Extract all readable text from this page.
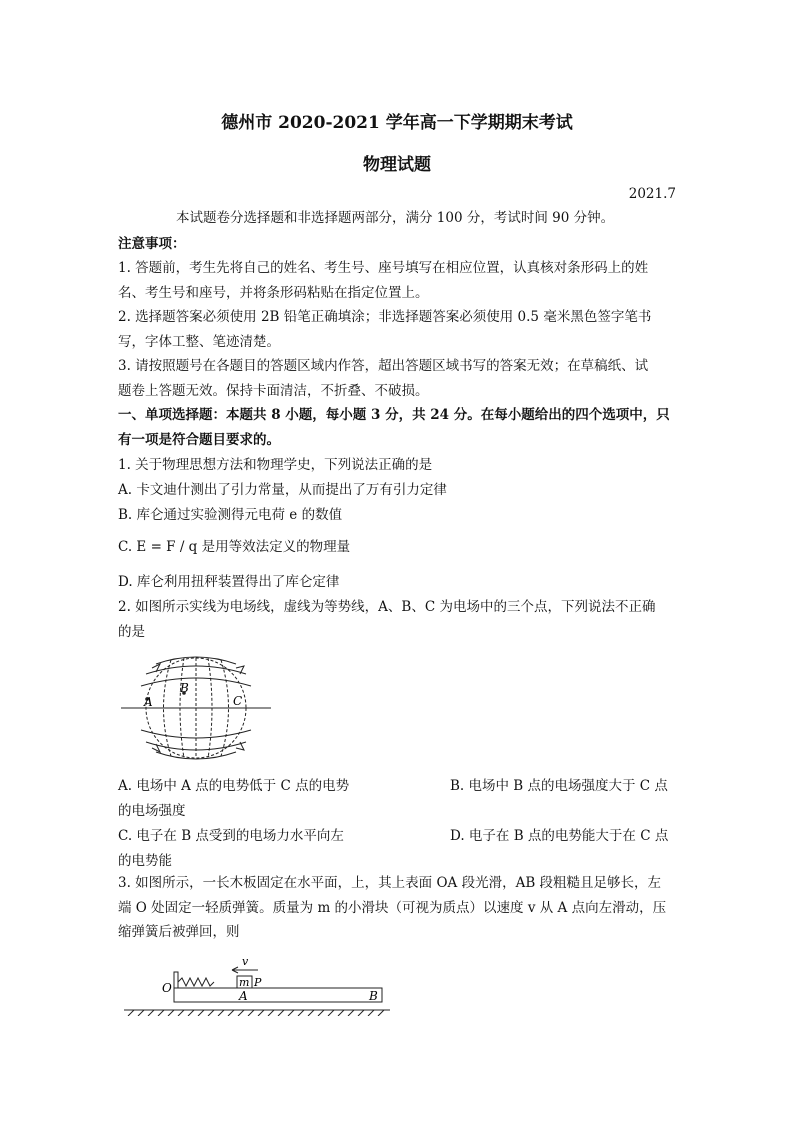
德州市 2020-2021 学年高一下学期期末考试
物理试题
2021.7
本试题卷分选择题和非选择题两部分，满分 100 分，考试时间 90 分钟。
注意事项：
1. 答题前，考生先将自己的姓名、考生号、座号填写在相应位置，认真核对条形码上的姓
名、考生号和座号，并将条形码粘贴在指定位置上。
2. 选择题答案必须使用 2B 铅笔正确填涂；非选择题答案必须使用 0.5 毫米黑色签字笔书
写，字体工整、笔迹清楚。
3. 请按照题号在各题目的答题区域内作答，超出答题区域书写的答案无效；在草稿纸、试
题卷上答题无效。保持卡面清洁，不折叠、不破损。
一、单项选择题：本题共 8 小题，每小题 3 分，共 24 分。在每小题给出的四个选项中，只
有一项是符合题目要求的。
1. 关于物理思想方法和物理学史，下列说法正确的是
A. 卡文迪什测出了引力常量，从而提出了万有引力定律
B. 库仑通过实验测得元电荷 e 的数值
C. E = F / q 是用等效法定义的物理量
D. 库仑利用扭秤装置得出了库仑定律
2. 如图所示实线为电场线，虚线为等势线，A、B、C 为电场中的三个点，下列说法不正确
的是
A
B
C
A. 电场中 A 点的电势低于 C 点的电势	B. 电场中 B 点的电场强度大于 C 点
的电场强度
C. 电子在 B 点受到的电场力水平向左	D. 电子在 B 点的电势能大于在 C 点
的电势能
3. 如图所示，一长木板固定在水平面，上，其上表面 OA 段光滑，AB 段粗糙且足够长，左
端 O 处固定一轻质弹簧。质量为 m 的小滑块（可视为质点）以速度 v 从 A 点向左滑动，压
缩弹簧后被弹回，则
v
m P
O
A	B
